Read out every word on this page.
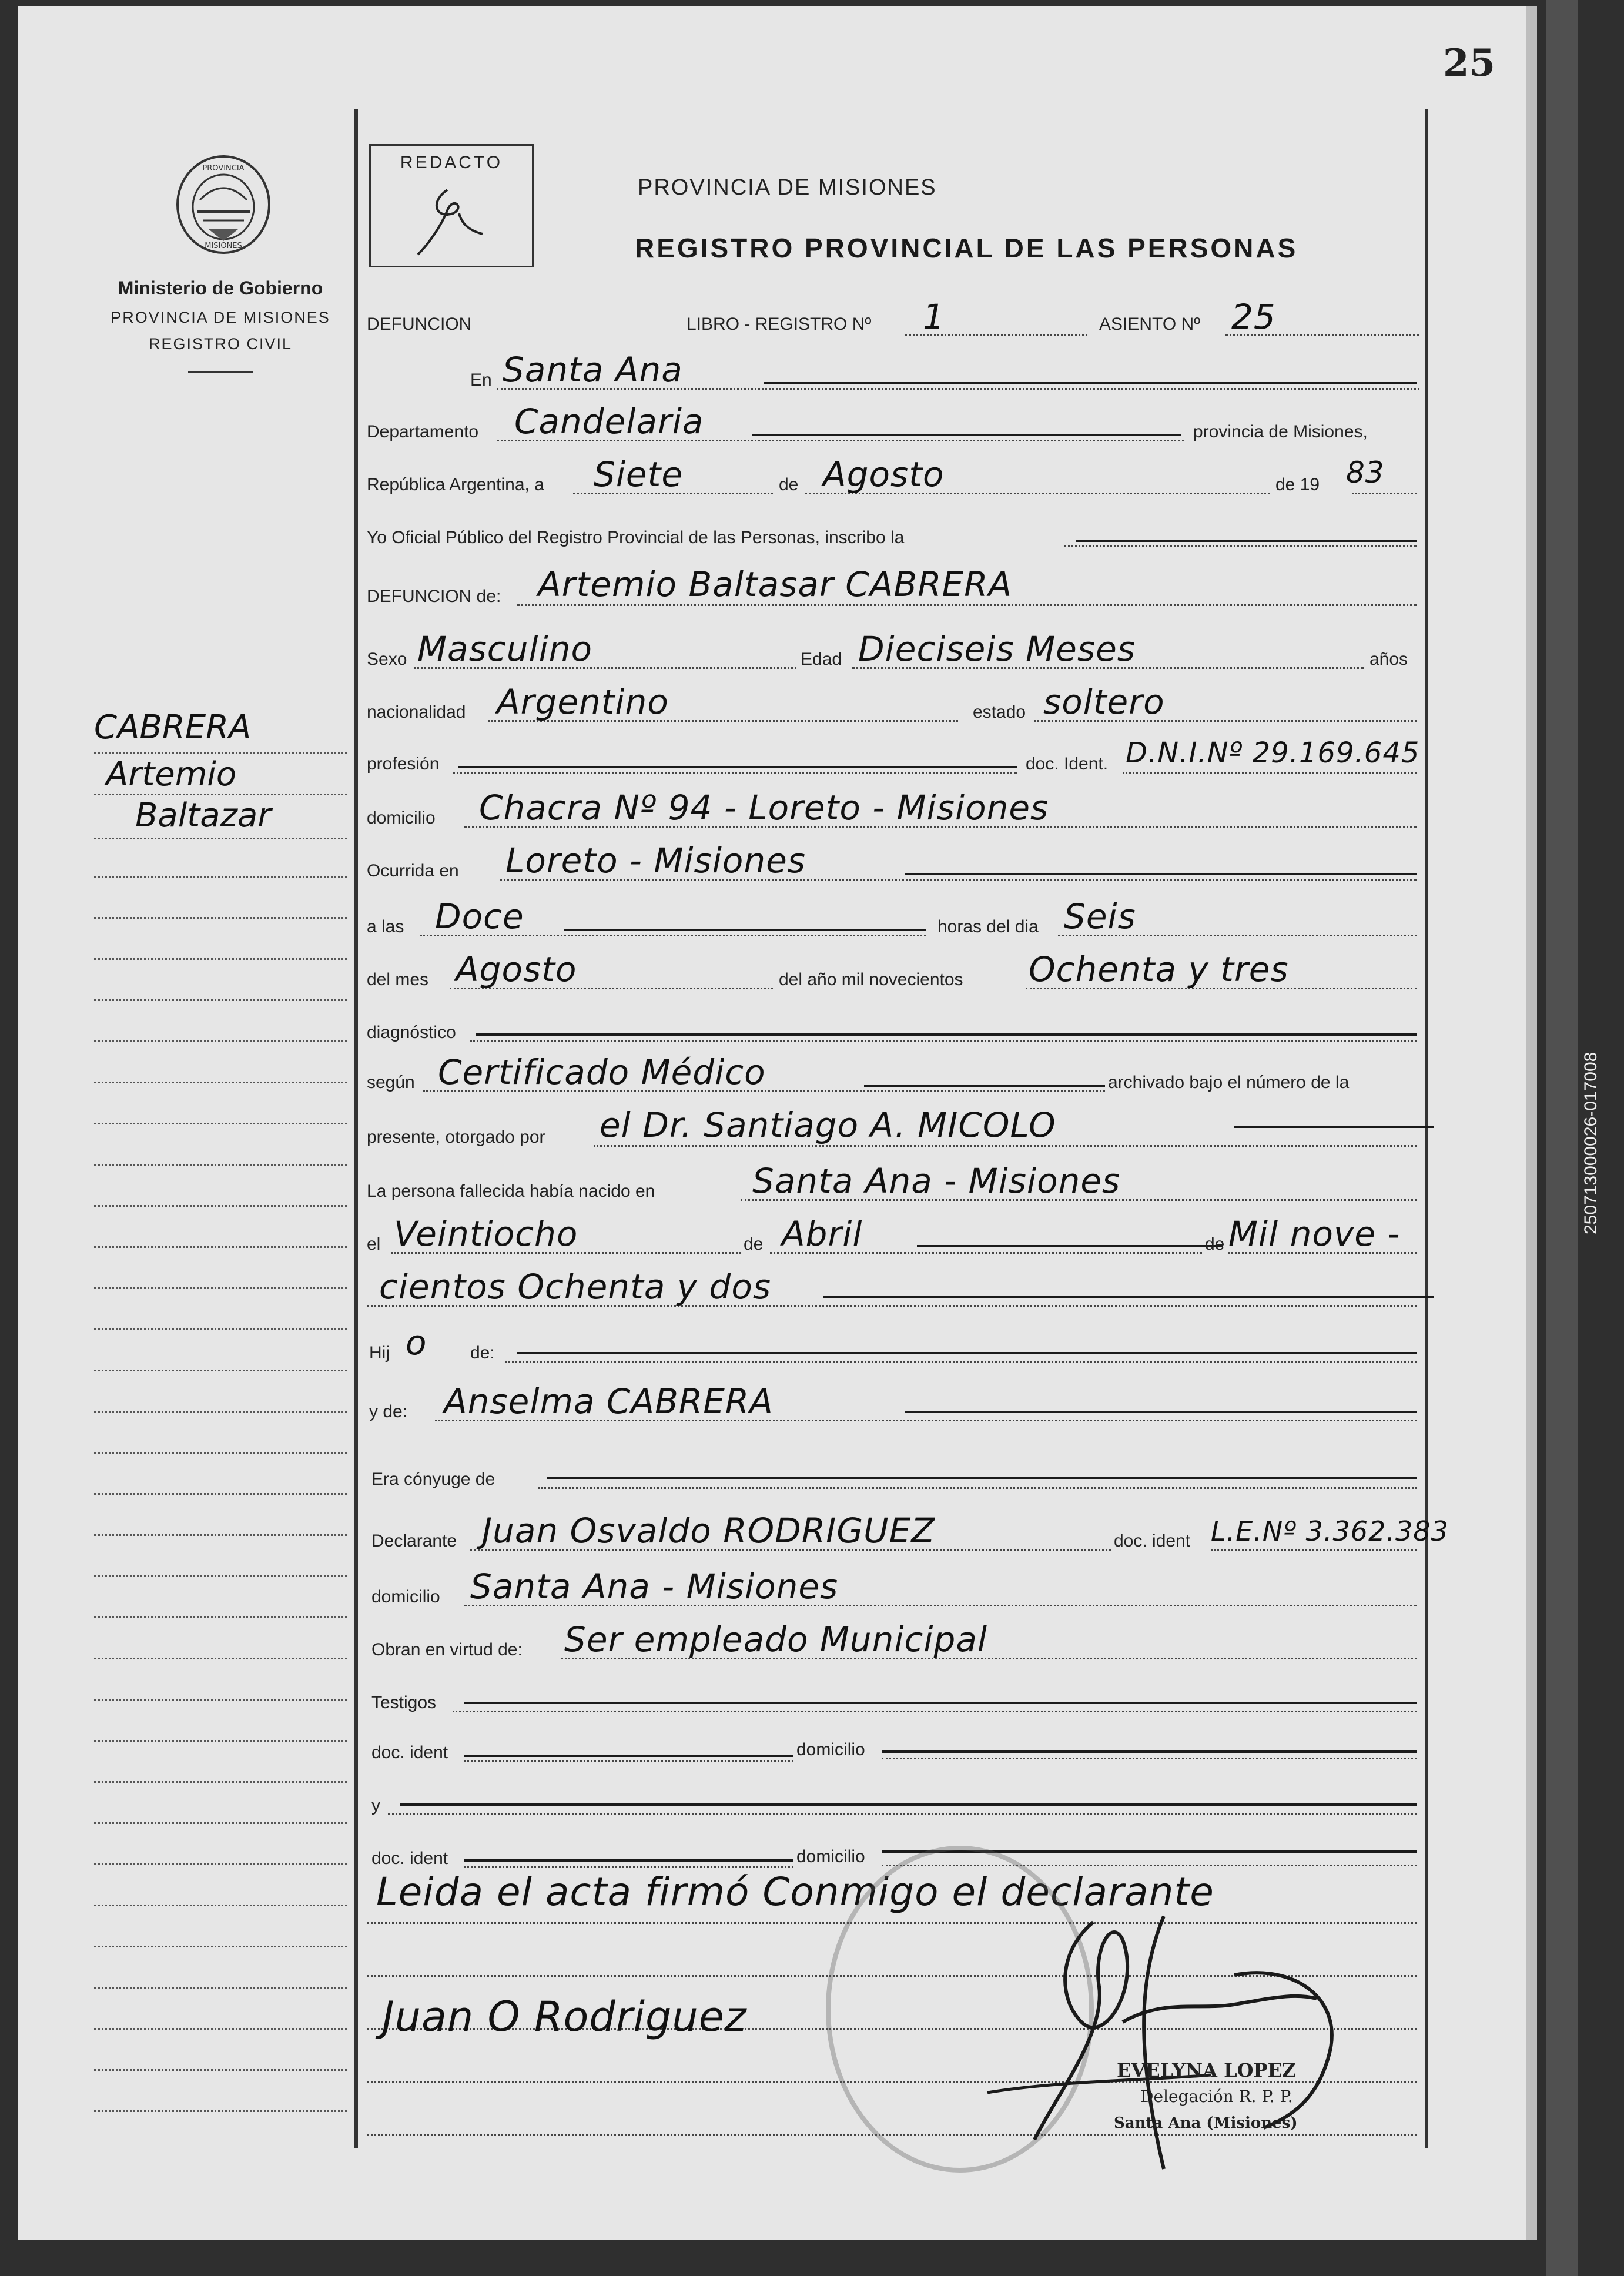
25
250713000026-017008
PROVINCIA
MISIONES
Ministerio de Gobierno
PROVINCIA DE MISIONES
REGISTRO CIVIL
REDACTO
PROVINCIA DE MISIONES
REGISTRO PROVINCIAL DE LAS PERSONAS
DEFUNCION	LIBRO - REGISTRO Nº 1	ASIENTO Nº 25
En Santa Ana
Departamento Candelaria	provincia de Misiones,
República Argentina, a Siete	de Agosto	de 19 83
Yo Oficial Público del Registro Provincial de las Personas, inscribo la
DEFUNCION de: Artemio Baltasar CABRERA
Sexo Masculino	Edad Dieciseis Meses	años
nacionalidad Argentino	estado soltero
profesión	doc. Ident. D.N.I.Nº 29.169.645
domicilio Chacra Nº 94 - Loreto - Misiones
Ocurrida en Loreto - Misiones
a las Doce	horas del dia Seis
del mes Agosto	del año mil novecientos Ochenta y tres
diagnóstico
según Certificado Médico	archivado bajo el número de la
presente, otorgado por el Dr. Santiago A. MICOLO
La persona fallecida había nacido en	Santa Ana - Misiones
el Veintiocho	de Abril	de Mil nove -
cientos Ochenta y dos
Hij o de:
y de: Anselma CABRERA
Era cónyuge de
Declarante Juan Osvaldo RODRIGUEZ	doc. ident L.E.Nº 3.362.383
domicilio Santa Ana - Misiones
Obran en virtud de: Ser empleado Municipal
Testigos
doc. ident	domicilio
y
doc. ident	domicilio
Leida el acta firmó Conmigo el declarante
Juan O Rodriguez
EVELYNA LOPEZ
Delegación R. P. P.
Santa Ana (Misiones)
CABRERA
Artemio
Baltazar
